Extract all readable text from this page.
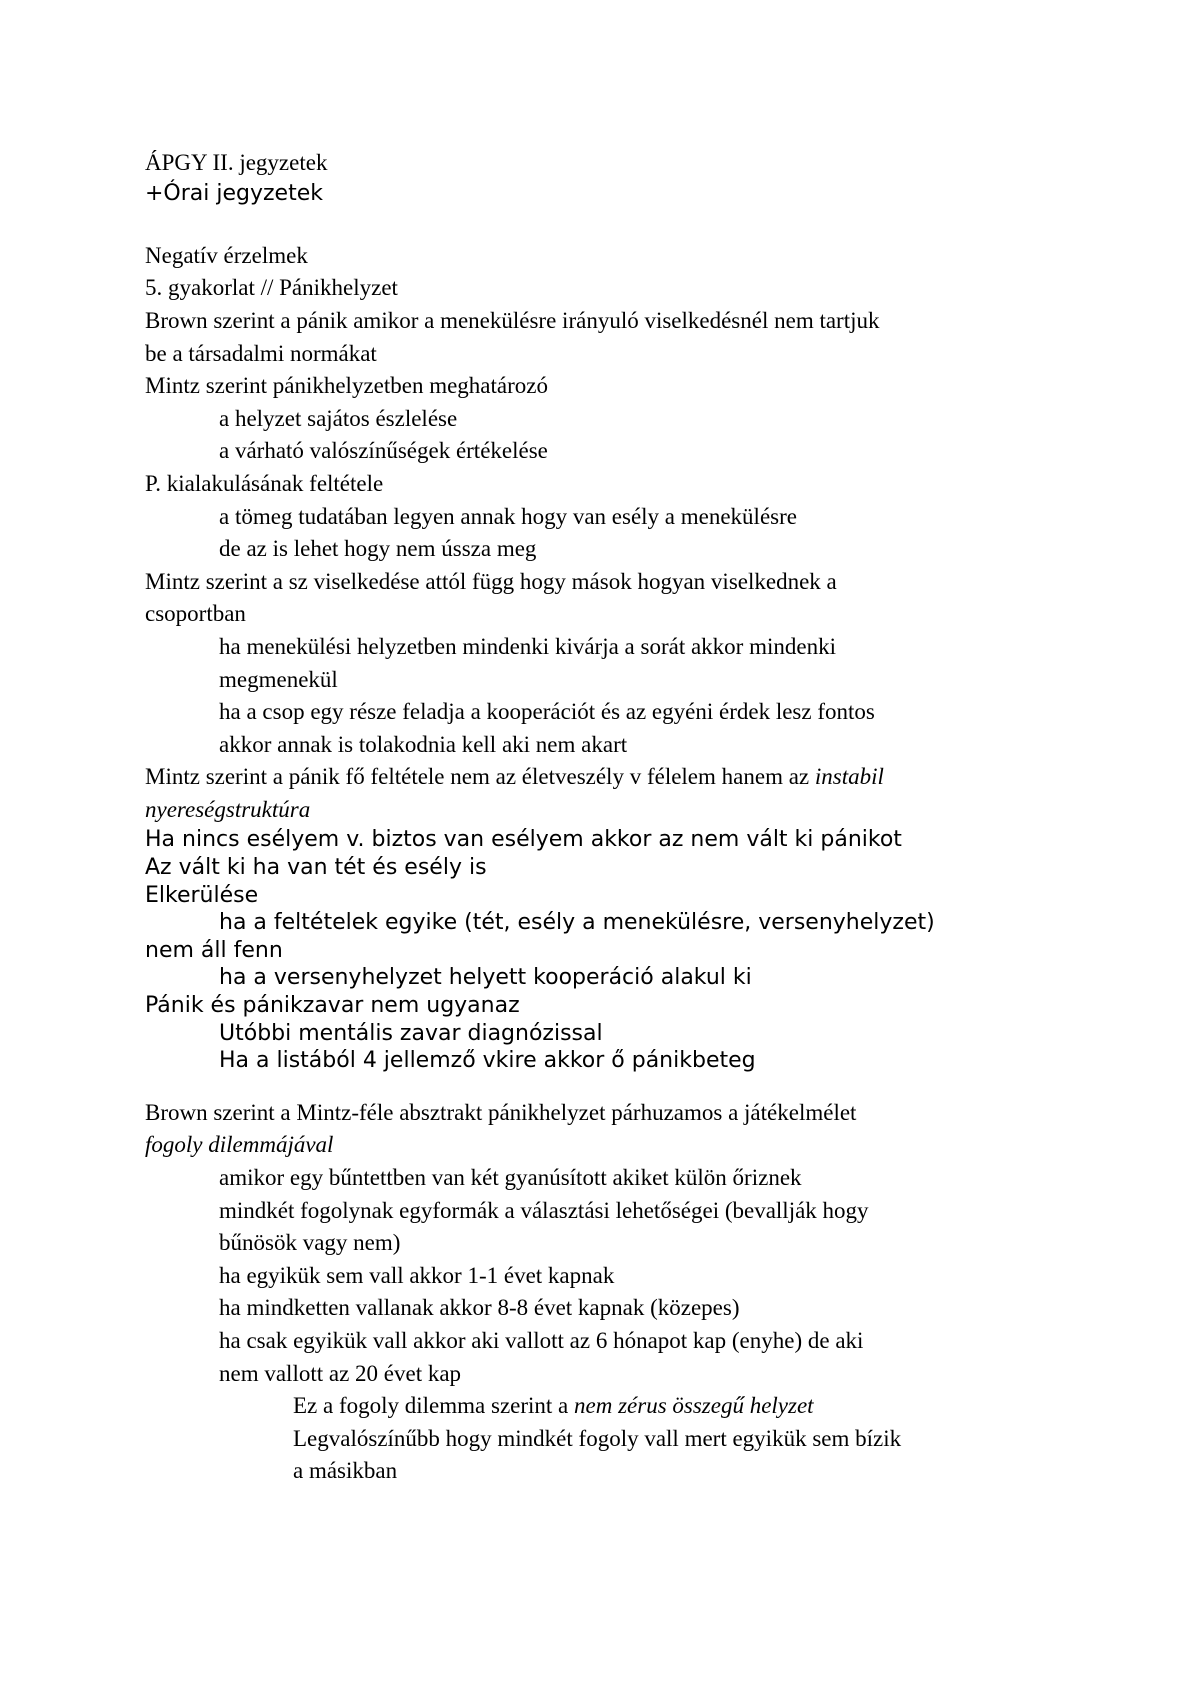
ÁPGY II. jegyzetek
+Órai jegyzetek
Negatív érzelmek
5. gyakorlat // Pánikhelyzet
Brown szerint a pánik amikor a menekülésre irányuló viselkedésnél nem tartjuk
be a társadalmi normákat
Mintz szerint pánikhelyzetben meghatározó
a helyzet sajátos észlelése
a várható valószínűségek értékelése
P. kialakulásának feltétele
a tömeg tudatában legyen annak hogy van esély a menekülésre
de az is lehet hogy nem ússza meg
Mintz szerint a sz viselkedése attól függ hogy mások hogyan viselkednek a
csoportban
ha menekülési helyzetben mindenki kivárja a sorát akkor mindenki
megmenekül
ha a csop egy része feladja a kooperációt és az egyéni érdek lesz fontos
akkor annak is tolakodnia kell aki nem akart
Mintz szerint a pánik fő feltétele nem az életveszély v félelem hanem az instabil
nyereségstruktúra
Ha nincs esélyem v. biztos van esélyem akkor az nem vált ki pánikot
Az vált ki ha van tét és esély is
Elkerülése
ha a feltételek egyike (tét, esély a menekülésre, versenyhelyzet)
nem áll fenn
ha a versenyhelyzet helyett kooperáció alakul ki
Pánik és pánikzavar nem ugyanaz
Utóbbi mentális zavar diagnózissal
Ha a listából 4 jellemző vkire akkor ő pánikbeteg
Brown szerint a Mintz-féle absztrakt pánikhelyzet párhuzamos a játékelmélet
fogoly dilemmájával
amikor egy bűntettben van két gyanúsított akiket külön őriznek
mindkét fogolynak egyformák a választási lehetőségei (bevallják hogy
bűnösök vagy nem)
ha egyikük sem vall akkor 1-1 évet kapnak
ha mindketten vallanak akkor 8-8 évet kapnak (közepes)
ha csak egyikük vall akkor aki vallott az 6 hónapot kap (enyhe) de aki
nem vallott az 20 évet kap
Ez a fogoly dilemma szerint a nem zérus összegű helyzet
Legvalószínűbb hogy mindkét fogoly vall mert egyikük sem bízik
a másikban
